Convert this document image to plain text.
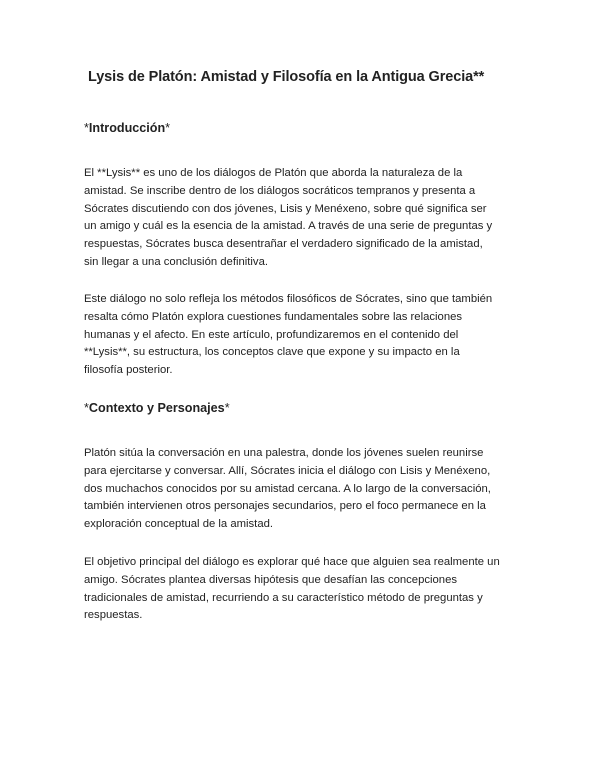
Lysis de Platón: Amistad y Filosofía en la Antigua Grecia**
*Introducción*
El **Lysis** es uno de los diálogos de Platón que aborda la naturaleza de la
amistad. Se inscribe dentro de los diálogos socráticos tempranos y presenta a
Sócrates discutiendo con dos jóvenes, Lisis y Menéxeno, sobre qué significa ser
un amigo y cuál es la esencia de la amistad. A través de una serie de preguntas y
respuestas, Sócrates busca desentrañar el verdadero significado de la amistad,
sin llegar a una conclusión definitiva.
Este diálogo no solo refleja los métodos filosóficos de Sócrates, sino que también
resalta cómo Platón explora cuestiones fundamentales sobre las relaciones
humanas y el afecto. En este artículo, profundizaremos en el contenido del
**Lysis**, su estructura, los conceptos clave que expone y su impacto en la
filosofía posterior.
*Contexto y Personajes*
Platón sitúa la conversación en una palestra, donde los jóvenes suelen reunirse
para ejercitarse y conversar. Allí, Sócrates inicia el diálogo con Lisis y Menéxeno,
dos muchachos conocidos por su amistad cercana. A lo largo de la conversación,
también intervienen otros personajes secundarios, pero el foco permanece en la
exploración conceptual de la amistad.
El objetivo principal del diálogo es explorar qué hace que alguien sea realmente un
amigo. Sócrates plantea diversas hipótesis que desafían las concepciones
tradicionales de amistad, recurriendo a su característico método de preguntas y
respuestas.
